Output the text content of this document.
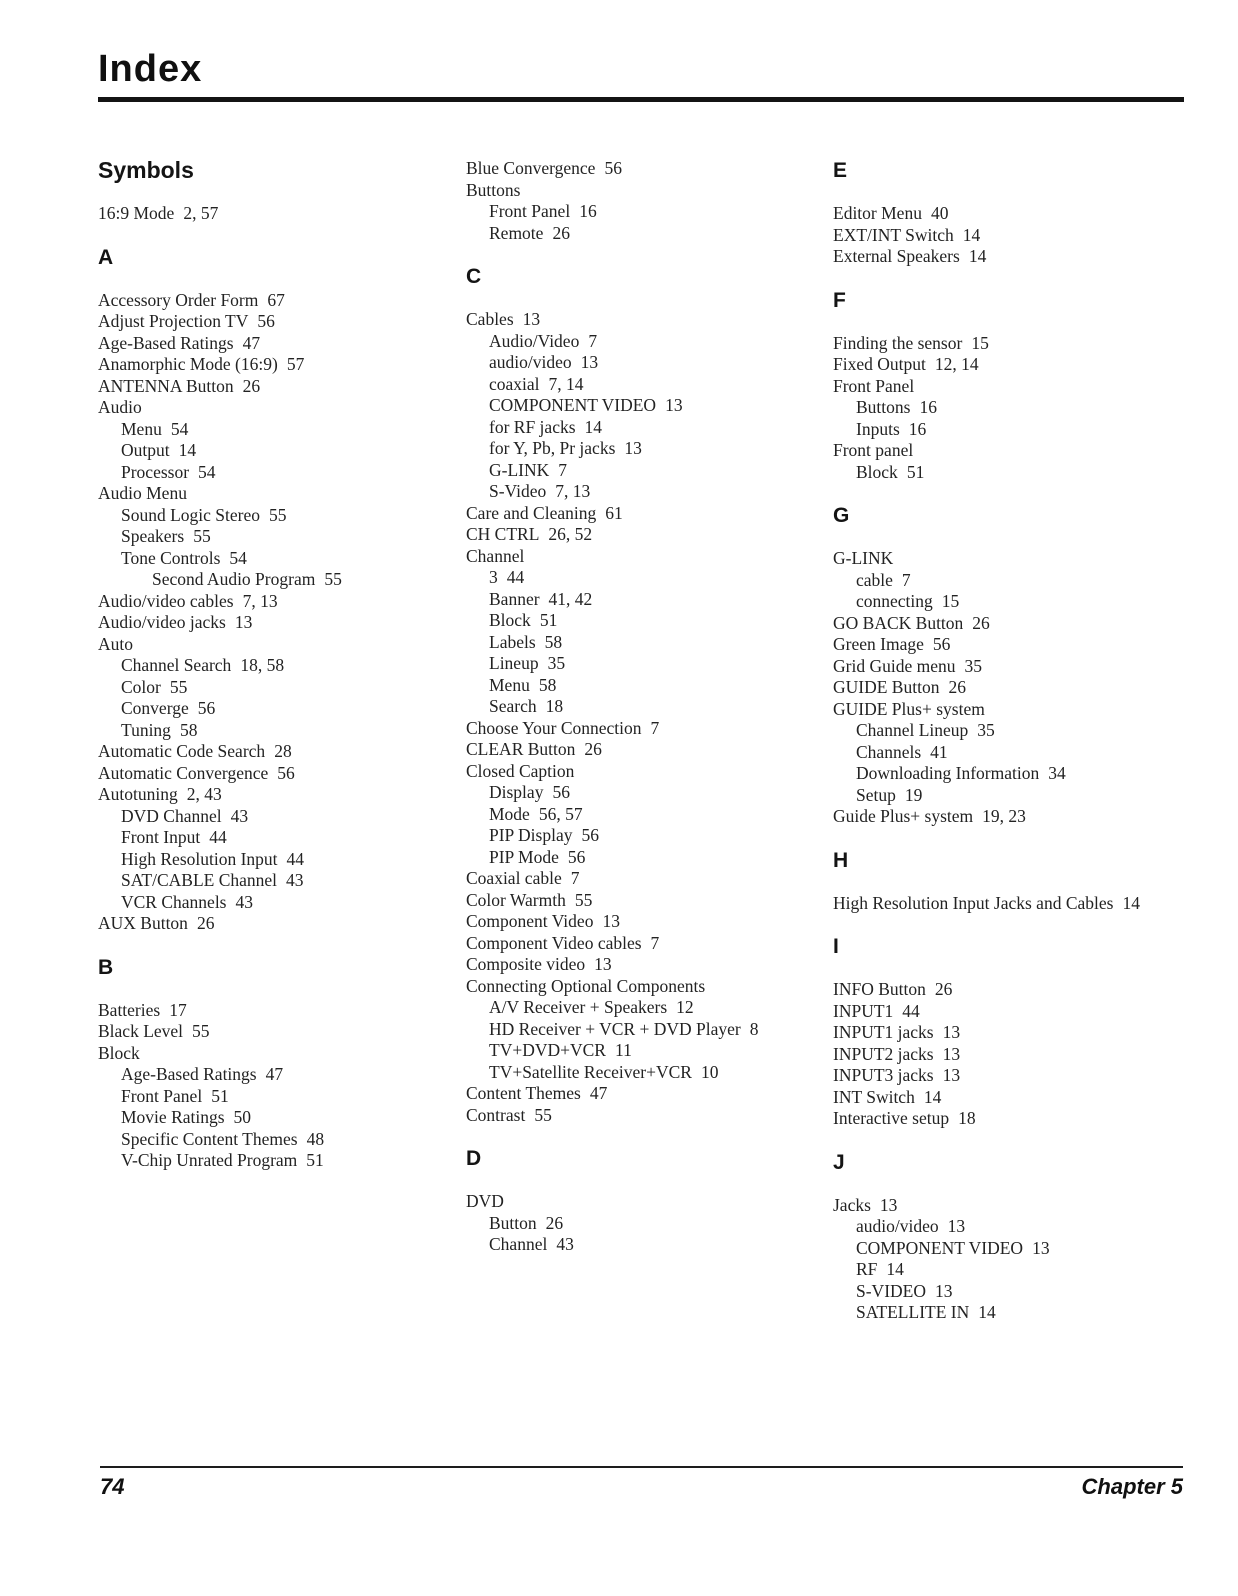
Index
Symbols
16:9 Mode 2, 57
A
Accessory Order Form 67
Adjust Projection TV 56
Age-Based Ratings 47
Anamorphic Mode (16:9) 57
ANTENNA Button 26
Audio
Menu 54
Output 14
Processor 54
Audio Menu
Sound Logic Stereo 55
Speakers 55
Tone Controls 54
Second Audio Program 55
Audio/video cables 7, 13
Audio/video jacks 13
Auto
Channel Search 18, 58
Color 55
Converge 56
Tuning 58
Automatic Code Search 28
Automatic Convergence 56
Autotuning 2, 43
DVD Channel 43
Front Input 44
High Resolution Input 44
SAT/CABLE Channel 43
VCR Channels 43
AUX Button 26
B
Batteries 17
Black Level 55
Block
Age-Based Ratings 47
Front Panel 51
Movie Ratings 50
Specific Content Themes 48
V-Chip Unrated Program 51
Blue Convergence 56
Buttons
Front Panel 16
Remote 26
C
Cables 13
Audio/Video 7
audio/video 13
coaxial 7, 14
COMPONENT VIDEO 13
for RF jacks 14
for Y, Pb, Pr jacks 13
G-LINK 7
S-Video 7, 13
Care and Cleaning 61
CH CTRL 26, 52
Channel
3 44
Banner 41, 42
Block 51
Labels 58
Lineup 35
Menu 58
Search 18
Choose Your Connection 7
CLEAR Button 26
Closed Caption
Display 56
Mode 56, 57
PIP Display 56
PIP Mode 56
Coaxial cable 7
Color Warmth 55
Component Video 13
Component Video cables 7
Composite video 13
Connecting Optional Components
A/V Receiver + Speakers 12
HD Receiver + VCR + DVD Player 8
TV+DVD+VCR 11
TV+Satellite Receiver+VCR 10
Content Themes 47
Contrast 55
D
DVD
Button 26
Channel 43
E
Editor Menu 40
EXT/INT Switch 14
External Speakers 14
F
Finding the sensor 15
Fixed Output 12, 14
Front Panel
Buttons 16
Inputs 16
Front panel
Block 51
G
G-LINK
cable 7
connecting 15
GO BACK Button 26
Green Image 56
Grid Guide menu 35
GUIDE Button 26
GUIDE Plus+ system
Channel Lineup 35
Channels 41
Downloading Information 34
Setup 19
Guide Plus+ system 19, 23
H
High Resolution Input Jacks and Cables 14
I
INFO Button 26
INPUT1 44
INPUT1 jacks 13
INPUT2 jacks 13
INPUT3 jacks 13
INT Switch 14
Interactive setup 18
J
Jacks 13
audio/video 13
COMPONENT VIDEO 13
RF 14
S-VIDEO 13
SATELLITE IN 14
74	Chapter 5
